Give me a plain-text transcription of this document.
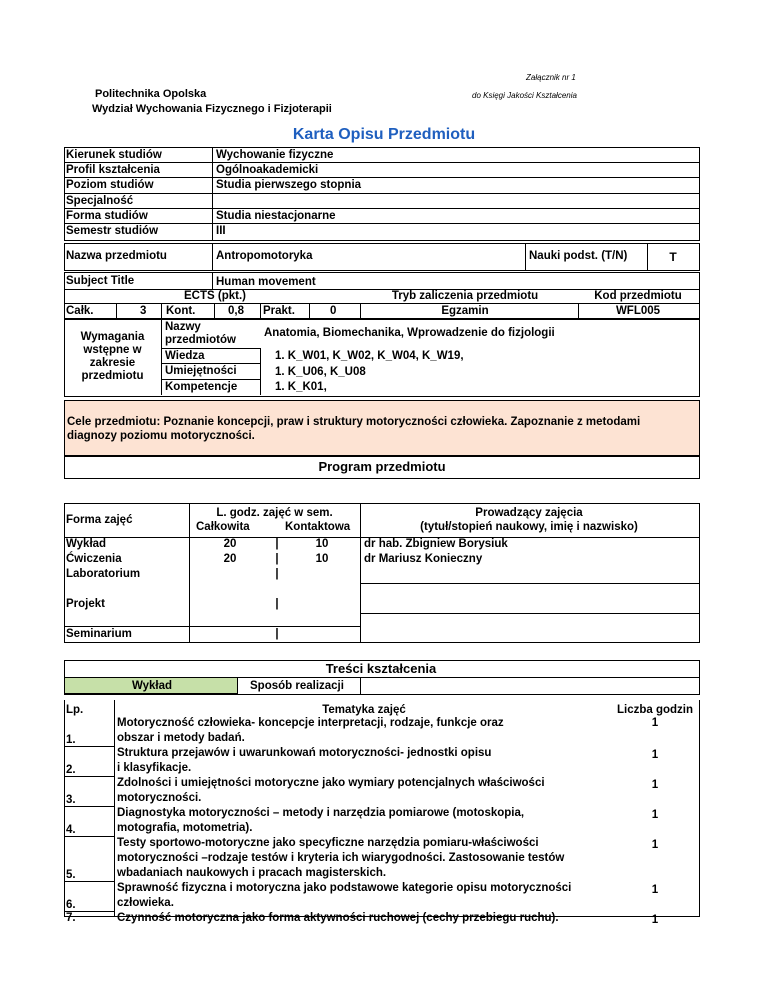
Załącznik nr 1
do Księgi Jakości Kształcenia
Politechnika Opolska
Wydział Wychowania Fizycznego i Fizjoterapii
Karta Opisu Przedmiotu
Kierunek studiów	Wychowanie fizyczne
Profil kształcenia	Ogólnoakademicki
Poziom studiów	Studia pierwszego stopnia
Specjalność
Forma studiów	Studia niestacjonarne
Semestr studiów	III
Nazwa przedmiotu	Antropomotoryka	Nauki podst. (T/N)	T
Subject Title	Human movement
ECTS (pkt.)	Tryb zaliczenia przedmiotu	Kod przedmiotu
Całk.	3 Kont.	0,8 Prakt.	0	Egzamin	WFL005
Wymagania
wstępne w
zakresie
przedmiotu
Nazwy
przedmiotów
Anatomia, Biomechanika, Wprowadzenie do fizjologii
Wiedza	1. K_W01, K_W02, K_W04, K_W19,
Umiejętności	1. K_U06, K_U08
Kompetencje	1. K_K01,
Cele przedmiotu: Poznanie koncepcji, praw i struktury motoryczności człowieka. Zapoznanie z metodami
diagnozy poziomu motoryczności.
Program przedmiotu
Forma zajęć
L. godz. zajęć w sem.
Całkowita	Kontaktowa
Prowadzący zajęcia
(tytuł/stopień naukowy, imię i nazwisko)
Wykład	20	|	10	dr hab. Zbigniew Borysiuk
Ćwiczenia	20	|	10	dr Mariusz Konieczny
Laboratorium	|
Projekt	|
Seminarium	|
Treści kształcenia
Wykład	Sposób realizacji
Lp.	Tematyka zajęć	Liczba godzin
1.
Motoryczność człowieka- koncepcje interpretacji, rodzaje, funkcje oraz
obszar i metody badań.
1
2.
Struktura przejawów i uwarunkowań motoryczności- jednostki opisu
i klasyfikacje.
1
3.
Zdolności i umiejętności motoryczne jako wymiary potencjalnych właściwości
motoryczności.
1
4.
Diagnostyka motoryczności – metody i narzędzia pomiarowe (motoskopia,
motografia, motometria).
1
5.
Testy sportowo-motoryczne jako specyficzne narzędzia pomiaru-właściwości
motoryczności –rodzaje testów i kryteria ich wiarygodności. Zastosowanie testów
wbadaniach naukowych i pracach magisterskich.
1
6.
Sprawność fizyczna i motoryczna jako podstawowe kategorie opisu motoryczności
człowieka.
1
7.	Czynność motoryczna jako forma aktywności ruchowej (cechy przebiegu ruchu).	1
